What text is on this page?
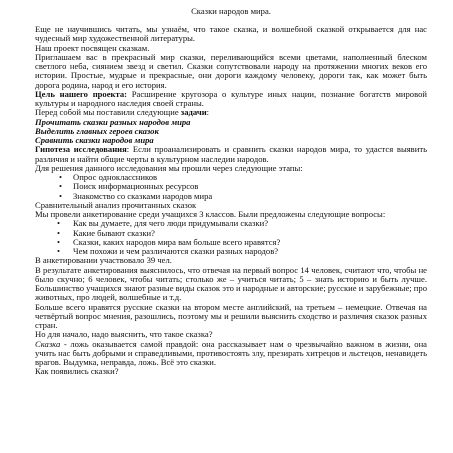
Сказки народов мира.

Еще не научившись читать, мы узнаём, что такое сказка, и волшебной сказкой открывается для нас чудесный мир художественной литературы.

Наш проект посвящен сказкам.

Приглашаем вас в прекрасный мир сказки, переливающийся всеми цветами, наполненный блеском светлого неба, сиянием звезд и светил. Сказки сопутствовали народу на протяжении многих веков его истории. Простые, мудрые и прекрасные, они дороги каждому человеку, дороги так, как может быть дорога родина, народ и его история.

Цель нашего проекта: Расширение кругозора о культуре иных нации, познание богатств мировой культуры и народного наследия своей страны.

Перед собой мы поставили следующие задачи:

Прочитать сказки разных народов мира

Выделить главных героев сказок

Сравнить сказки народов мира

Гипотеза исследования: Если проанализировать и сравнить сказки народов мира, то удастся выявить различия и найти общие черты в культурном наследии народов.

Для решения данного исследования мы прошли через следующие этапы:

• Опрос одноклассников
• Поиск информационных ресурсов
• Знакомство со сказками народов мира

Сравнительный анализ прочитанных сказок

Мы провели анкетирование среди учащихся 3 классов. Были предложены следующие вопросы:

• Как вы думаете, для чего люди придумывали сказки?
• Какие бывают сказки?
• Сказки, каких народов мира вам больше всего нравятся?
• Чем похожи и чем различаются сказки разных народов?

В анкетировании участвовало 39 чел.

В результате анкетирования выяснилось, что отвечая на первый вопрос 14 человек, считают что, чтобы не было скучно; 6 человек, чтобы читать; столько же – учиться читать; 5 – знать историю и быть лучше. Большинство учащихся знают разные виды сказок это и народные и авторские; русские и зарубежные; про животных, про людей, волшебные и т.д.

Больше всего нравятся русские сказки на втором месте английский, на третьем – немецкие. Отвечая на четвёртый вопрос мнения, разошлись, поэтому мы и решили выяснить сходство и различия сказок разных стран.

Но для начало, надо выяснить, что такое сказка?

Сказка - ложь оказывается самой правдой: она рассказывает нам о чрезвычайно важном в жизни, она учить нас быть добрыми и справедливыми, противостоять злу, презирать хитрецов и льстецов, ненавидеть врагов. Выдумка, неправда, ложь. Всё это сказки.

Как появились сказки?
